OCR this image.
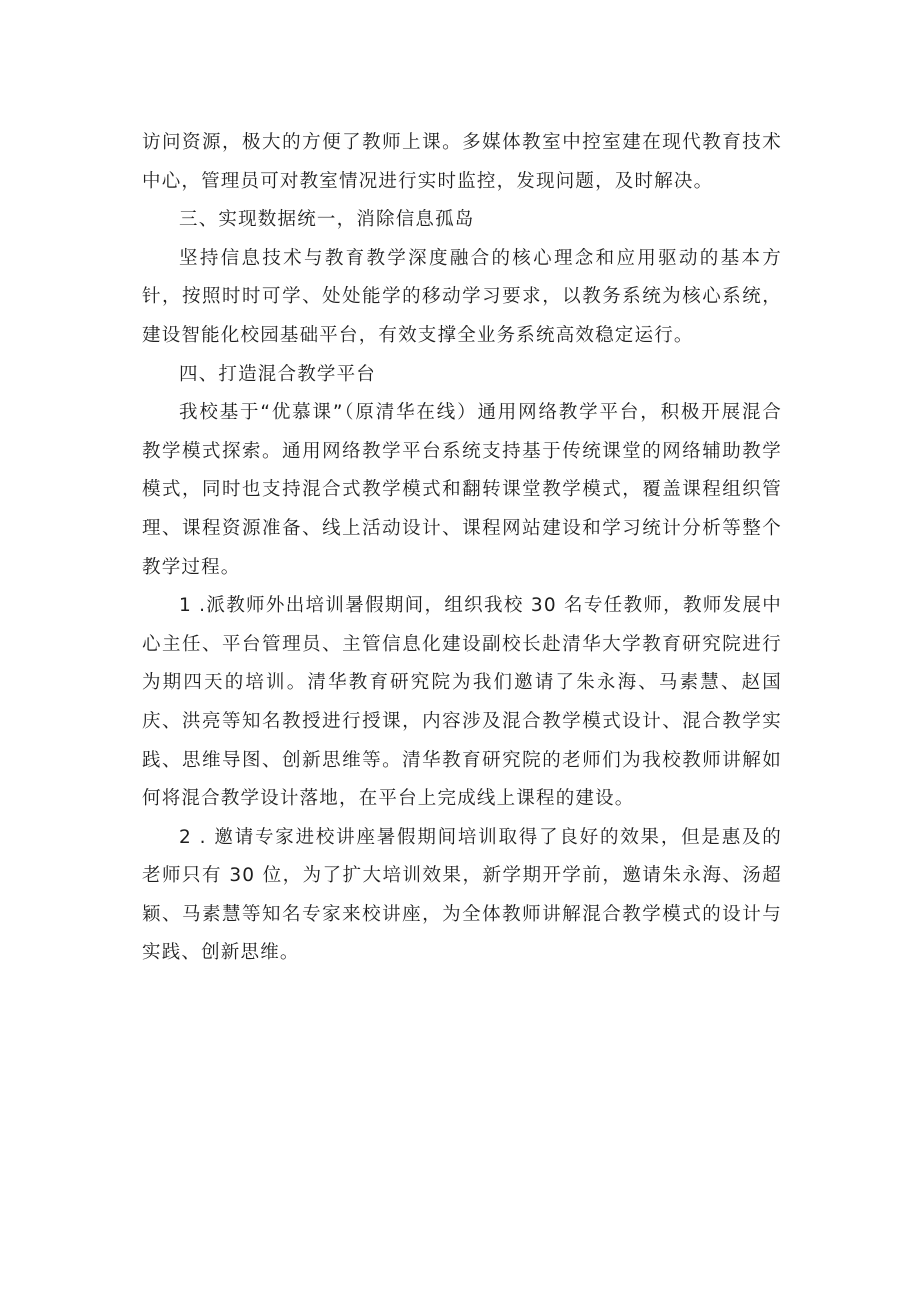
访问资源，极大的方便了教师上课。多媒体教室中控室建在现代教育技术中心，管理员可对教室情况进行实时监控，发现问题，及时解决。

三、实现数据统一，消除信息孤岛

坚持信息技术与教育教学深度融合的核心理念和应用驱动的基本方针，按照时时可学、处处能学的移动学习要求，以教务系统为核心系统，建设智能化校园基础平台，有效支撑全业务系统高效稳定运行。

四、打造混合教学平台

我校基于“优慕课”（原清华在线）通用网络教学平台，积极开展混合教学模式探索。通用网络教学平台系统支持基于传统课堂的网络辅助教学模式，同时也支持混合式教学模式和翻转课堂教学模式，覆盖课程组织管理、课程资源准备、线上活动设计、课程网站建设和学习统计分析等整个教学过程。

1 .派教师外出培训暑假期间，组织我校 30 名专任教师，教师发展中心主任、平台管理员、主管信息化建设副校长赴清华大学教育研究院进行为期四天的培训。清华教育研究院为我们邀请了朱永海、马素慧、赵国庆、洪亮等知名教授进行授课，内容涉及混合教学模式设计、混合教学实践、思维导图、创新思维等。清华教育研究院的老师们为我校教师讲解如何将混合教学设计落地，在平台上完成线上课程的建设。

2 . 邀请专家进校讲座暑假期间培训取得了良好的效果，但是惠及的老师只有 30 位，为了扩大培训效果，新学期开学前，邀请朱永海、汤超颖、马素慧等知名专家来校讲座，为全体教师讲解混合教学模式的设计与实践、创新思维。
